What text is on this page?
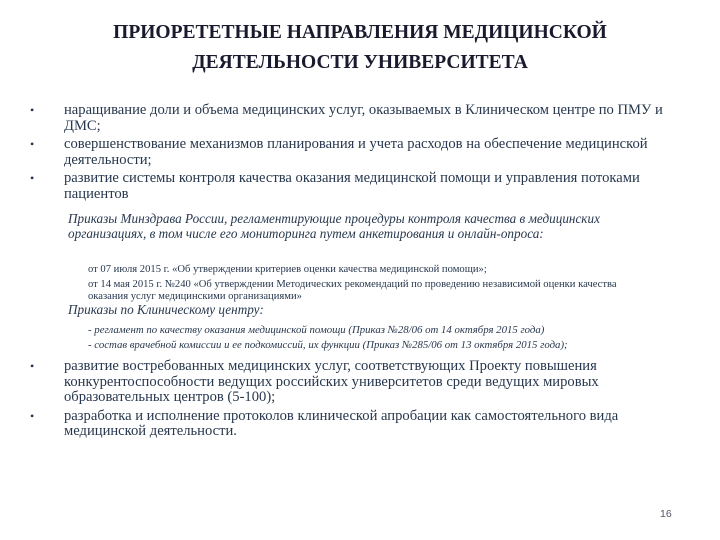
ПРИОРЕТЕТНЫЕ НАПРАВЛЕНИЯ МЕДИЦИНСКОЙ
ДЕЯТЕЛЬНОСТИ УНИВЕРСИТЕТА
• наращивание доли и объема медицинских услуг, оказываемых в Клиническом центре по ПМУ и ДМС;
• совершенствование механизмов планирования и учета расходов на обеспечение медицинской деятельности;
• развитие системы контроля качества оказания медицинской помощи и управления потоками пациентов
Приказы Минздрава России, регламентирующие процедуры контроля качества в медицинских организациях, в том числе его мониторинга путем анкетирования и онлайн-опроса:

от 07 июля 2015 г. «Об утверждении критериев оценки качества медицинской помощи»;

от 14 мая 2015 г. №240 «Об утверждении Методических рекомендаций по проведению независимой оценки качества оказания услуг медицинскими организациями»

Приказы по Клиническому центру:

- регламент по качеству оказания медицинской помощи (Приказ №28/06 от 14 октября 2015 года)

- состав врачебной комиссии и ее подкомиссий, их функции (Приказ №285/06 от 13 октября 2015 года);

• развитие востребованных медицинских услуг, соответствующих Проекту повышения конкурентоспособности ведущих российских университетов среди ведущих мировых образовательных центров (5-100);
• разработка и исполнение протоколов клинической апробации как самостоятельного вида медицинской деятельности.
16
